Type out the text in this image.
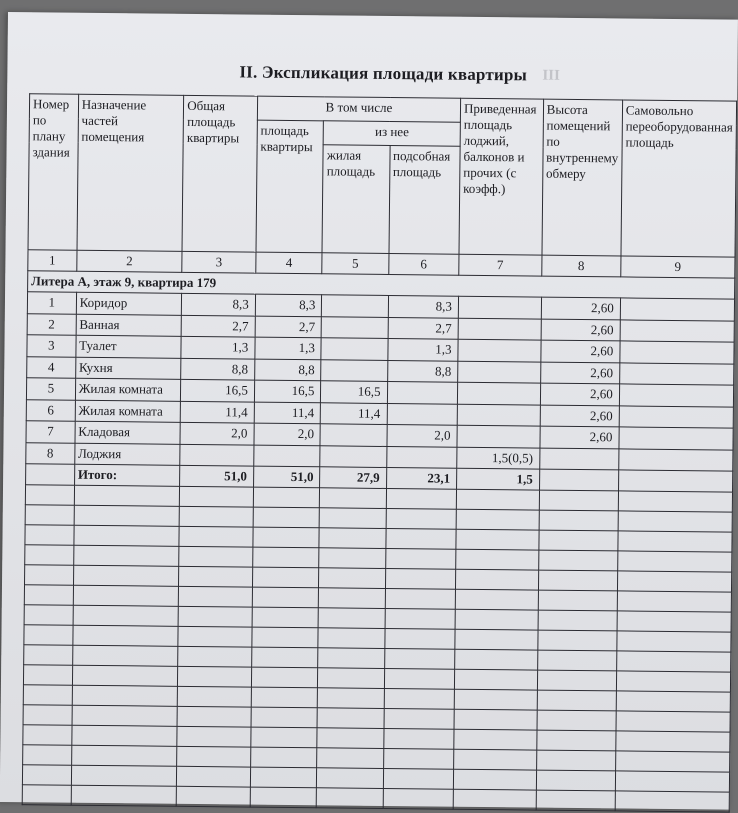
II. Экспликация площади квартиры III
Номер по плану здания	Назначение частей помещения	Общая площадь квартиры	В том числе			Приведенная площадь лоджий, балконов и прочих (с коэфф.)	Высота помещений по внутреннему обмеру	Самовольно переоборудованная площадь
			площадь квартиры	из нее				
				жилая площадь	подсобная площадь			
1	2	3	4	5	6	7	8	9
Литера А, этаж 9, квартира 179								
1	Коридор	8,3	8,3		8,3		2,60	
2	Ванная	2,7	2,7		2,7		2,60	
3	Туалет	1,3	1,3		1,3		2,60	
4	Кухня	8,8	8,8		8,8		2,60	
5	Жилая комната	16,5	16,5	16,5			2,60	
6	Жилая комната	11,4	11,4	11,4			2,60	
7	Кладовая	2,0	2,0		2,0		2,60	
8	Лоджия					1,5(0,5)		
	Итого:	51,0	51,0	27,9	23,1	1,5		
